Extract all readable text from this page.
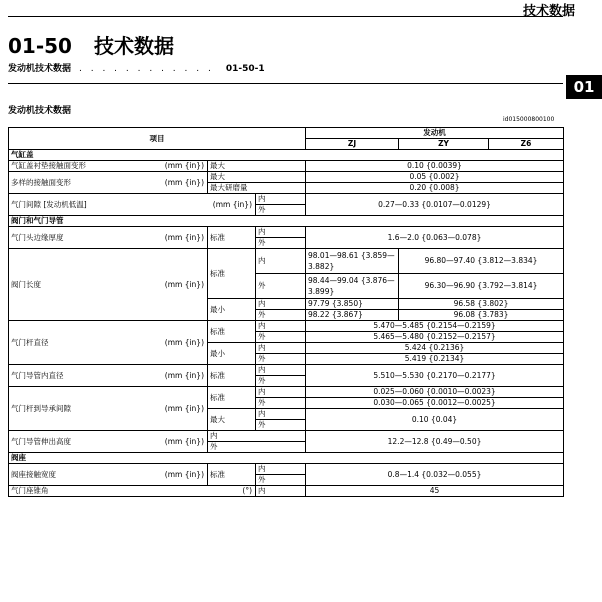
技术数据
01-50 技术数据
发动机技术数据 . . . . . . . . . . . . 01-50-1
01
发动机技术数据
id015000800100
项目				发动机		
				ZJ	ZY	Z6
气缸盖						
气缸盖衬垫接触面变形	(mm {in})	最大		0.10 {0.0039}		
多样的接触面变形	(mm {in})	最大		0.05 {0.002}		
		最大研磨量		0.20 {0.008}		
气门间隙 [发动机低温]		(mm {in})	内	0.27—0.33 {0.0107—0.0129}		
			外			
阀门和气门导管						
气门头边缘厚度	(mm {in})	标准	内	1.6—2.0 {0.063—0.078}		
			外			
阀门长度	(mm {in})	标准	内	98.01—98.61 {3.859—3.882}	96.80—97.40 {3.812—3.834}	
			外	98.44—99.04 {3.876—3.899}	96.30—96.90 {3.792—3.814}	
		最小	内	97.79 {3.850}	96.58 {3.802}	
			外	98.22 {3.867}	96.08 {3.783}	
气门杆直径	(mm {in})	标准	内	5.470—5.485 {0.2154—0.2159}		
			外	5.465—5.480 {0.2152—0.2157}		
		最小	内	5.424 {0.2136}		
			外	5.419 {0.2134}		
气门导管内直径	(mm {in})	标准	内	5.510—5.530 {0.2170—0.2177}		
			外			
气门杆到导承间隙	(mm {in})	标准	内	0.025—0.060 {0.0010—0.0023}		
			外	0.030—0.065 {0.0012—0.0025}		
		最大	内	0.10 {0.04}		
			外			
气门导管伸出高度	(mm {in})	内		12.2—12.8 {0.49—0.50}		
		外				
阀座						
阀座接触宽度	(mm {in})	标准	内	0.8—1.4 {0.032—0.055}		
			外			
气门座锥角	(°)		内	45		
